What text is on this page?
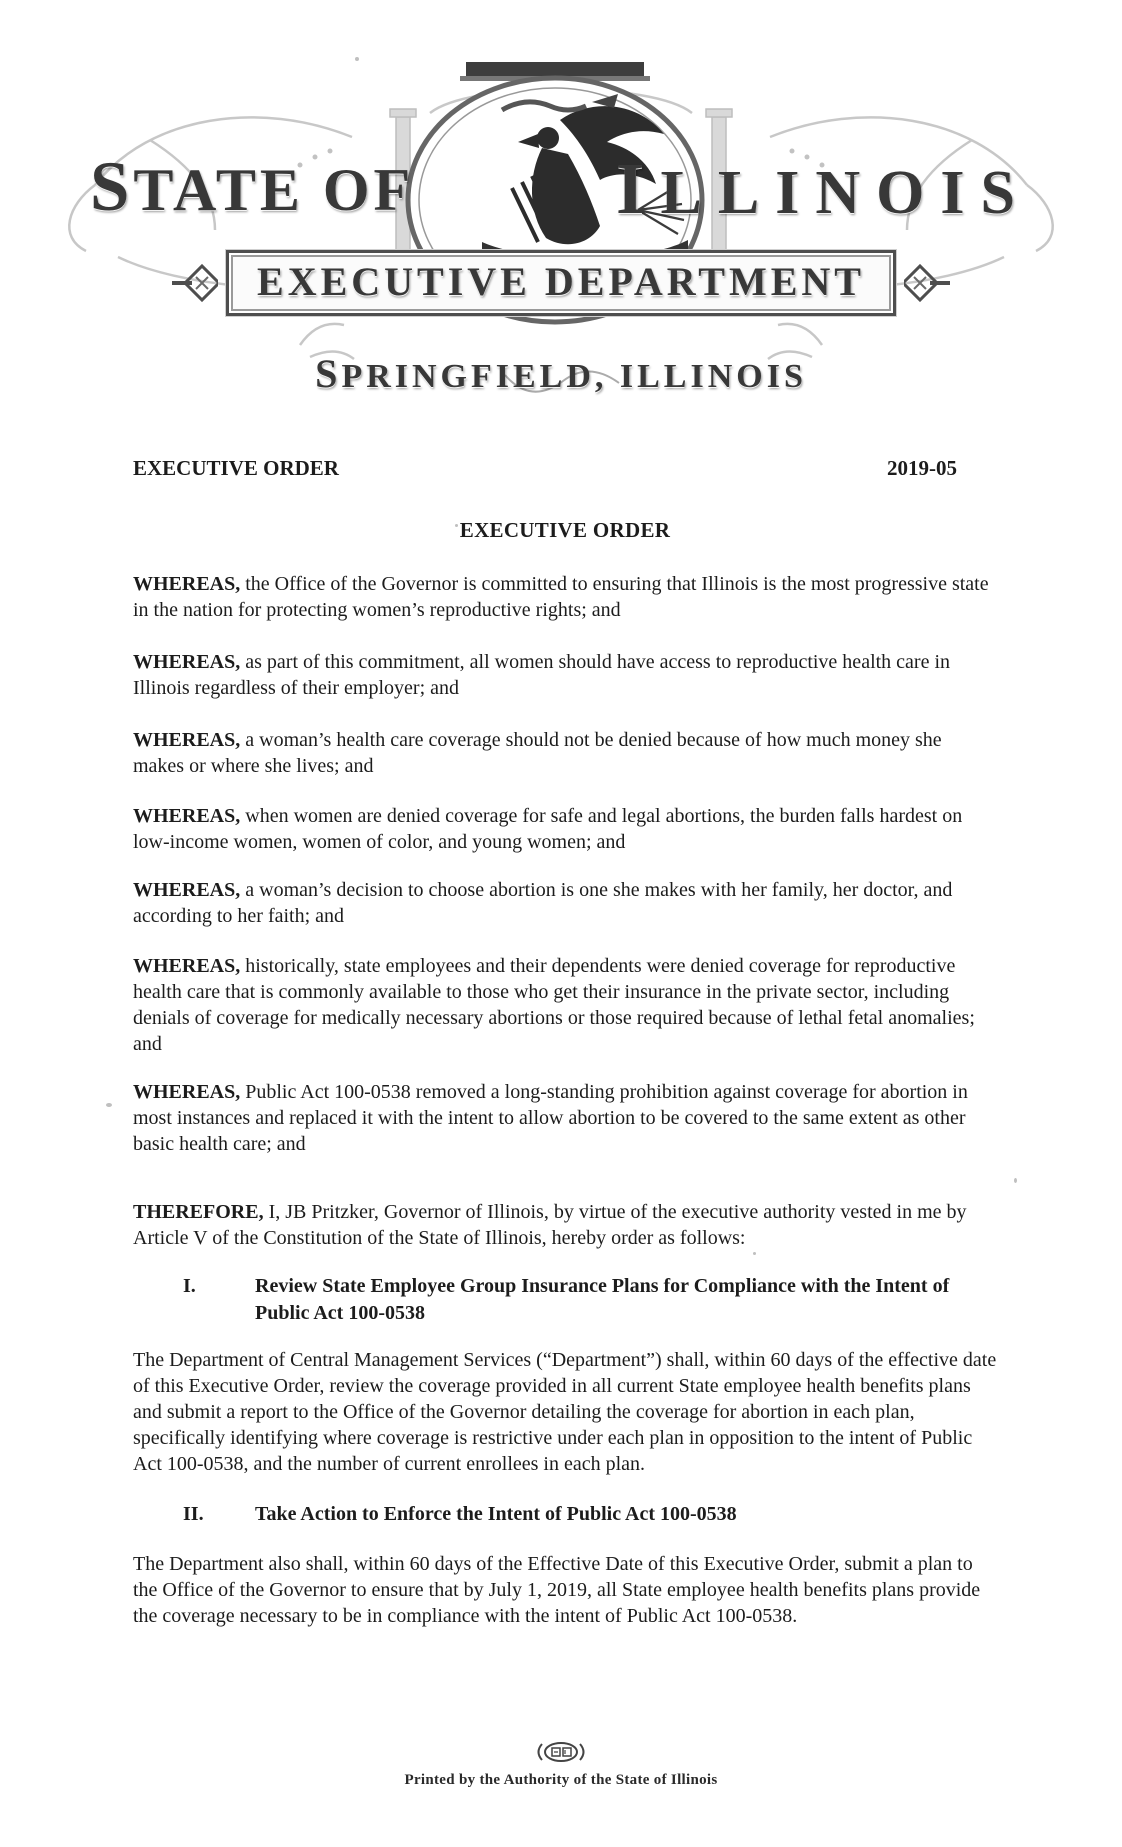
STATE OF	ILLINOIS
EXECUTIVE DEPARTMENT
SPRINGFIELD, ILLINOIS
EXECUTIVE ORDER	2019-05
EXECUTIVE ORDER

WHEREAS, the Office of the Governor is committed to ensuring that Illinois is the most progressive state in the nation for protecting women’s reproductive rights; and

WHEREAS, as part of this commitment, all women should have access to reproductive health care in Illinois regardless of their employer; and

WHEREAS, a woman’s health care coverage should not be denied because of how much money she makes or where she lives; and

WHEREAS, when women are denied coverage for safe and legal abortions, the burden falls hardest on low-income women, women of color, and young women; and

WHEREAS, a woman’s decision to choose abortion is one she makes with her family, her doctor, and according to her faith; and

WHEREAS, historically, state employees and their dependents were denied coverage for reproductive health care that is commonly available to those who get their insurance in the private sector, including denials of coverage for medically necessary abortions or those required because of lethal fetal anomalies; and

WHEREAS, Public Act 100-0538 removed a long-standing prohibition against coverage for abortion in most instances and replaced it with the intent to allow abortion to be covered to the same extent as other basic health care; and

THEREFORE, I, JB Pritzker, Governor of Illinois, by virtue of the executive authority vested in me by Article V of the Constitution of the State of Illinois, hereby order as follows:

I.	Review State Employee Group Insurance Plans for Compliance with the Intent of Public Act 100-0538

The Department of Central Management Services (“Department”) shall, within 60 days of the effective date of this Executive Order, review the coverage provided in all current State employee health benefits plans and submit a report to the Office of the Governor detailing the coverage for abortion in each plan, specifically identifying where coverage is restrictive under each plan in opposition to the intent of Public Act 100-0538, and the number of current enrollees in each plan.

II.	Take Action to Enforce the Intent of Public Act 100-0538

The Department also shall, within 60 days of the Effective Date of this Executive Order, submit a plan to the Office of the Governor to ensure that by July 1, 2019, all State employee health benefits plans provide the coverage necessary to be in compliance with the intent of Public Act 100-0538.

Printed by the Authority of the State of Illinois
